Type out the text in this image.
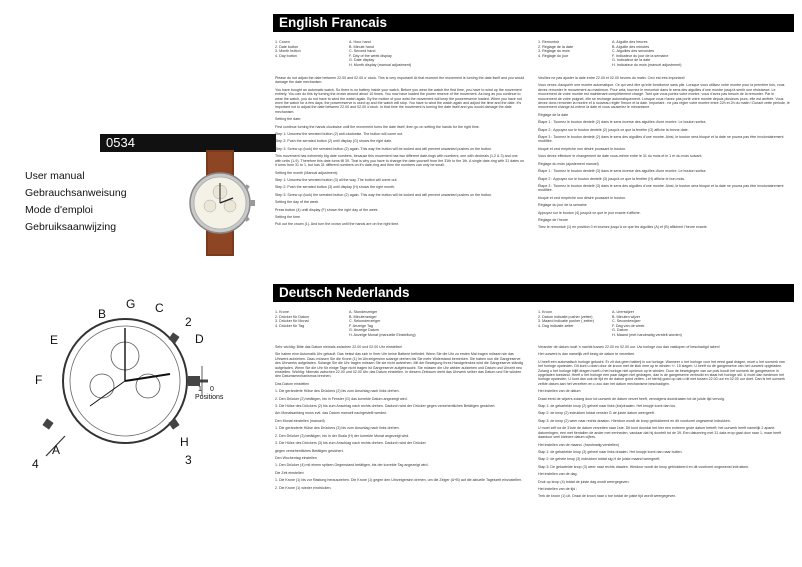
0534
User manual
Gebrauchsanweisung
Mode d'emploi
Gebruiksaanwijzing
A
B	C
D
E
F
G
H
2
3
4
1 0
Positions
English Francais
Deutsch Nederlands
1. Crown	A. Hour hand
2. Date button	B. Minute hand
3. Month button	C. Second hand
4. Day button	F. Day of the week display
G. Date display
H. Month display (manual adjustment)
1. Remontoir	A. Aiguille des heures
2. Réglage de la date	B. Aiguille des minutes
3. Réglage du mois	C. Aiguilles des secondes
4. Réglage du jour	F. Indicateur du jour de la semaine
G. Indicateur de la date
H. Indicateur du mois (manuel adjustment)
1. Krone	A. Stundenzeiger
2. Drücker für Datum	B. Minutenzeiger
3. Drücker für Monat	C. Sekundenzeiger
4. Drücker für Tag	F. Anzeige Tag
G. Anzeige Datum
H. Anzeige Monat (manuelle Einstellung)
1. Kroon	A. Urenwijzer
2. Datum indicatie pusher (zetter)	B. Minuten wijzer
3. Maand indicatie pusher ( zetter)	C. Secondewijzer
4. Dag indicatie zetter	F. Dag van de week
G. Datum
H. Maand (met handmatig verstelt worden)

Please do not adjust the date between 22.00 and 02.00 o' clock. This is very important! At that moment the movement is turning the date itself and you would damage the date mechanism.

You have bought an automatic watch. So there is no battery inside your watch. Before you wear the watch the first time, you have to wind up the movement entirely. You can do this by turning the crown around about 10 times. You now have loaded the power reserve of the movement. As long as you continue to wear the watch, you do not have to wind the watch again. By the motion of your wrist the movement will keep the powerreserve loaded. When you have not worn the watch for a few days, the powerreserve is used up and the watch will stop. You have to wind the watch again and adjust the time and the date. It's important not to adjust the date between 22.00 and 02.00 o'clock. In that time the movement is turning the date itself and you would damage the date mechanism.

Setting the date:

First continue turning the hands clockwise until the movement turns the date itself, then go on setting the hands for the right time.

Step 1: Unscrew the serrated button (2) anti-clockwise. The button will come out.

Step 2: Push the serrated button (2) until display (G) shows the right date.

Step 3: Screw up (lock) the serrated button (2) again. This way the button will be locked and will prevent unwanted pushes on the button.

This movement has extremely big date numbers, because this movement has two different date-rings with numbers; one with decimals (1,2 & 3) and one with units (1-9). Therefore this date turns till 39. That is why you have to change the date yourself from the 31th to the 1th. A single date-ring with 31 dates on it turns from 31 to 1, but has 31 different numbers on it's date-ring and then the numbers can only be small.

Setting the month (Manual adjustment):

Step 1: Unscrew the serrated button (3) all the way. The button will come out.

Step 2: Push the serrated button (3) until display (H) shows the right month.

Step 3: Screw up (lock) the serrated button (2) again. This way the button will be locked and will prevent unwanted pushes on the button.

Setting the day of the week

Press button (4) until display (F) shown the right day of the week.

Setting the time

Pull out the crown (1). And turn the crown until the hands are on the right time.

Veuillez ne pas ajuster la date entre 22.00 et 02.00 heures du matin. Ceci est très important!

Vous venez d'acquérir une montre automatique. Ce qui veut dire qu'elle fonctionne sans pile. Lorsque vous utilisez votre montre pour la première fois, vous devez remonter le mouvement au maximum. Pour cela, tournez le remontoir dans le sens des aiguilles d'une montre jusqu'à sentir une résistance. Le mouvement de votre montre est maintenant complètement chargé. Tant que vous portez votre montre, vous n'avez pas besoin de la remonter. Par le mouvement de votre poignet, elle se recharge automatiquement. Lorsque vous n'avez pas porté votre montre depuis plusieurs jours, elle est arrêtée. Vous devez donc remonter la montre et à nouveau régler l'heure et la date. Important : ne pas régler votre montre entre 22h et 2h du matin ! Durant cette période, le mouvement change lui-même la date et vous causeriez le mécanisme.

Réglage de la date

Étape 1 : Tournez le bouton dentelé (2) dans le sens inverse des aiguilles d'une montre. Le bouton sortira.

Étape 2 : Appuyez sur le bouton dentelé (2) jusqu'à ce que la fenêtre (G) affiche la bonne date.

Étape 3 : Tournez le bouton dentelé (2) dans le sens des aiguilles d'une montre. Ainsi, le bouton sera bloqué et la date ne pourra pas être involontairement modifiée.

bloqué et ceci empêche non désiré poussant le bouton.

Vous devez effectuer le changement de date vous-même entre le 31 du mois et le 1 er du mois suivant.

Réglage du mois (ajustement manuel)

Étape 1 : Tournez le bouton dentelé (3) dans le sens inverse des aiguilles d'une montre. Le bouton sortira.

Étape 2 : Appuyez sur le bouton dentelé (3) jusqu'à ce que la fenêtre (H) affiche le bon mois.

Étape 3 : Tournez le bouton dentelé (3) dans le sens des aiguilles d'une montre. Ainsi, le bouton sera bloqué et la date ne pourra pas être involontairement modifiée.

bloqué et ceci empêche non désiré poussant le bouton.

Réglage du jour de la semaine

Appuyez sur le bouton (4) jusqu'à ce que le jour exacte s'affiche.

Réglage de l'heure

Tirez le remontoir (1) en position 0 et tournez jusqu'à ce que les aiguilles (A) et (B) affichent l'heure exacte.

Sehr wichtig: Bitte das Datum niemals zwischen 22.00 und 02.00 Uhr einstellen!

Sie haben eine Automatik Uhr gekauft. Das heisst das sich in Ihrer Uhr keine Batterie befindet. Wenn Sie die Uhr zu ersten Mal tragen müssen sie das Uhrwerk aufziehen. Dazu müssen Sie die Krone (1) im Uhrzeigersinn solange drehen bis Sie mehr Widerstand bemerken. Sie haben nun die Gangreserve des Uhrwerks aufgeladen. Solange Sie die Uhr tragen müssen Sie sie nicht aufziehen. Mit der Bewegung Ihres Handgelenkes wird die Gangreserve ständig aufgeladen. Wenn Sie die Uhr für einige Tage nicht tragen ist Gangreserve aufgebraucht. Sie müssen die Uhr wieder aufziehen und Datum und Uhrzeit neu einstellen. Wichtig: Niemals zwischen 22.00 und 02.00 Uhr das Datum einstellen. In diesem Zeitraum dreht das Uhrwerk selber das Datum und Sie würden den Datumsmechanismus brechen.

Das Datum einstellen

1. Die geränderte Hülse des Drückers (2) bis zum Anschlag nach links drehen.

2. Den Drücker (2) betätigen, bis in Fenster (G) das korrekte Datum angezeigt wird.

3. Die Hülse des Drückers (2) bis zum Anschlag nach rechts drehen. Dadurch wird der Drücker gegen versehentliches Betätigen gesichert.

Am Monatsanfang muss evtl. das Datum manuell nachgestellt werden.

Den Monat einstellen (manuell)

1. Die geränderte Hülse des Drückers (3) bis zum Anschlag nach links drehen.

2. Den Drücker (3) betätigen, bis in der Skala (H) der korrekte Monat angezeigt wird.

3. Die Hülse des Drückers (3) bis zum Anschlag nach rechts drehen. Dadurch wird der Drücker

gegen versehentliches Betätigen gesichert.

Den Wochentag einstellen

1. Den Drücker (4) mit einem spitzen Gegenstand betätigen, bis der korrekte Tag angezeigt wird.

Die Zeit einstellen

1. Die Krone (1) bis zur Rastung herausziehen. Die Krone (1) gegen den Uhrzeigersinn drehen, um die Zeiger (A+B) auf die aktuelle Tageszeit einzustellen.

2. Die Krone (1) wieder eindrücken.

Verander de datum nooit 's nachts tussen 22.00 en 02.00 uur. Uw horloge zou dan vastlopen of beschadigd raken!

Het uurwerk is dan namelijk zelf bezig de datum te verzetten.

U heeft een automatisch horloge gekocht. Er zit dus geen batterij in uw horloge. Wanneer u het horloge voor het eerst gaat dragen, moet u het uurwerk van het horloge opwinden. Dit kunt u doen door de kroon met de klok mee op te winden +/- 15 slagen. U heeft nu de gangreserve van het uurwerk opgeladen. Zolang u het horloge blijft dragen hoeft u het horloge niet opnieuw op te winden. Door de bewegingen van uw pols houdt het uurwerk de gangreserve in opgeladen toestand. Heeft u het horloge een paar dagen niet gedragen, dan is de gangreserve verbruikt en staat het horloge stil. U moet dan wederom het horloge opwinden. U kunt dan ook de tijd en de datum goed zetten. Let hierbij goed op dat u dit niet tussen 22.00 uur en 02.00 uur doet. Dan is het uurwerk zelfde datum aan het verzetten en u zou dan het datum mechanisme beschadigen.

Het instellen van de datum

Draai eerst de wijzers zolang door tot uurwerk de datum verzet heeft, vervolgens doordraaien tot de juiste tijd vervolg.

Stap 1: de gekartelde knop (2) geheel naar links (los)draaien. Het knopje komt dan los.

Stap 2: de knop (2) indrukken totdat venster G de juiste datum weergeeft.

Stap 3: de knop (2) weer naar rechts draaien. Hierdoor wordt de knop geblokkeerd en dit voorkomt ongewenst indrukken.

U moet zelf na de 31ste de datum verzetten naar 1ste. Dit kunt doordat het hier een extreem grote datum betreft; het uurwerk heeft namelijk 2 aparte datumringen, een met tientallen de ander met eenheden, vandaar dat hij doortelt tot de 39. Een datumring met 31 data erop gaat door naar 1, maar heeft daardoor veel kleinere datum cijfers.

Het instellen van de maand. (handmatig verstellen)

Stap 1: de gekartelde knop (3) geheel naar links draaien. Het knopje komt dan naar buiten.

Stap 2: de gehele knop (3) indrukken totdat sig H de juiste maand weergeeft.

Stap 3: De gekartelde knop (3) weer naar rechts draaien. Hierdoor wordt de knop geblokkeerd en dit voorkomt ongewenst indrukken.

Het instellen van de dag.

Druk op knop (4) totdat de juiste dag wordt weergegeven.

Het instellen van de tijd :

Trek de kroon (1) uit. Draai de kroon naar u toe totdat de juiste tijd wordt weergegeven.
